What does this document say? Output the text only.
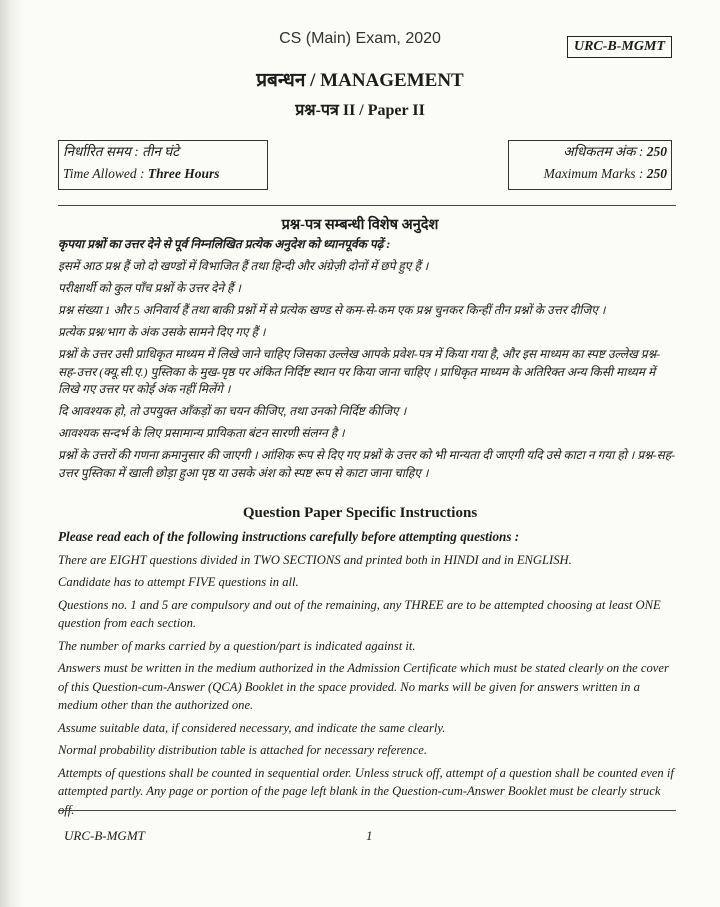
CS (Main) Exam, 2020	URC-B-MGMT
प्रबन्धन / MANAGEMENT
प्रश्न-पत्र II / Paper II
निर्धारित समय : तीन घंटे
Time Allowed : Three Hours
अधिकतम अंक : 250
Maximum Marks : 250
प्रश्न-पत्र सम्बन्धी विशेष अनुदेश

कृपया प्रश्नों का उत्तर देने से पूर्व निम्नलिखित प्रत्येक अनुदेश को ध्यानपूर्वक पढ़ें :

इसमें आठ प्रश्न हैं जो दो खण्डों में विभाजित हैं तथा हिन्दी और अंग्रेज़ी दोनों में छपे हुए हैं ।

परीक्षार्थी को कुल पाँच प्रश्नों के उत्तर देने हैं ।

प्रश्न संख्या 1 और 5 अनिवार्य हैं तथा बाकी प्रश्नों में से प्रत्येक खण्ड से कम-से-कम एक प्रश्न चुनकर किन्हीं तीन प्रश्नों के उत्तर दीजिए ।

प्रत्येक प्रश्न/भाग के अंक उसके सामने दिए गए हैं ।

प्रश्नों के उत्तर उसी प्राधिकृत माध्यम में लिखे जाने चाहिए जिसका उल्लेख आपके प्रवेश-पत्र में किया गया है, और इस माध्यम का स्पष्ट उल्लेख प्रश्न-सह-उत्तर (क्यू.सी.ए.) पुस्तिका के मुख-पृष्ठ पर अंकित निर्दिष्ट स्थान पर किया जाना चाहिए । प्राधिकृत माध्यम के अतिरिक्त अन्य किसी माध्यम में लिखे गए उत्तर पर कोई अंक नहीं मिलेंगे ।

दि आवश्यक हो, तो उपयुक्त आँकड़ों का चयन कीजिए, तथा उनको निर्दिष्ट कीजिए ।

आवश्यक सन्दर्भ के लिए प्रसामान्य प्रायिकता बंटन सारणी संलग्न है ।

प्रश्नों के उत्तरों की गणना क्रमानुसार की जाएगी । आंशिक रूप से दिए गए प्रश्नों के उत्तर को भी मान्यता दी जाएगी यदि उसे काटा न गया हो । प्रश्न-सह-उत्तर पुस्तिका में खाली छोड़ा हुआ पृष्ठ या उसके अंश को स्पष्ट रूप से काटा जाना चाहिए ।

Question Paper Specific Instructions

Please read each of the following instructions carefully before attempting questions :

There are EIGHT questions divided in TWO SECTIONS and printed both in HINDI and in ENGLISH.

Candidate has to attempt FIVE questions in all.

Questions no. 1 and 5 are compulsory and out of the remaining, any THREE are to be attempted choosing at least ONE question from each section.

The number of marks carried by a question/part is indicated against it.

Answers must be written in the medium authorized in the Admission Certificate which must be stated clearly on the cover of this Question-cum-Answer (QCA) Booklet in the space provided. No marks will be given for answers written in a medium other than the authorized one.

Assume suitable data, if considered necessary, and indicate the same clearly.

Normal probability distribution table is attached for necessary reference.

Attempts of questions shall be counted in sequential order. Unless struck off, attempt of a question shall be counted even if attempted partly. Any page or portion of the page left blank in the Question-cum-Answer Booklet must be clearly struck off.

URC-B-MGMT	1
